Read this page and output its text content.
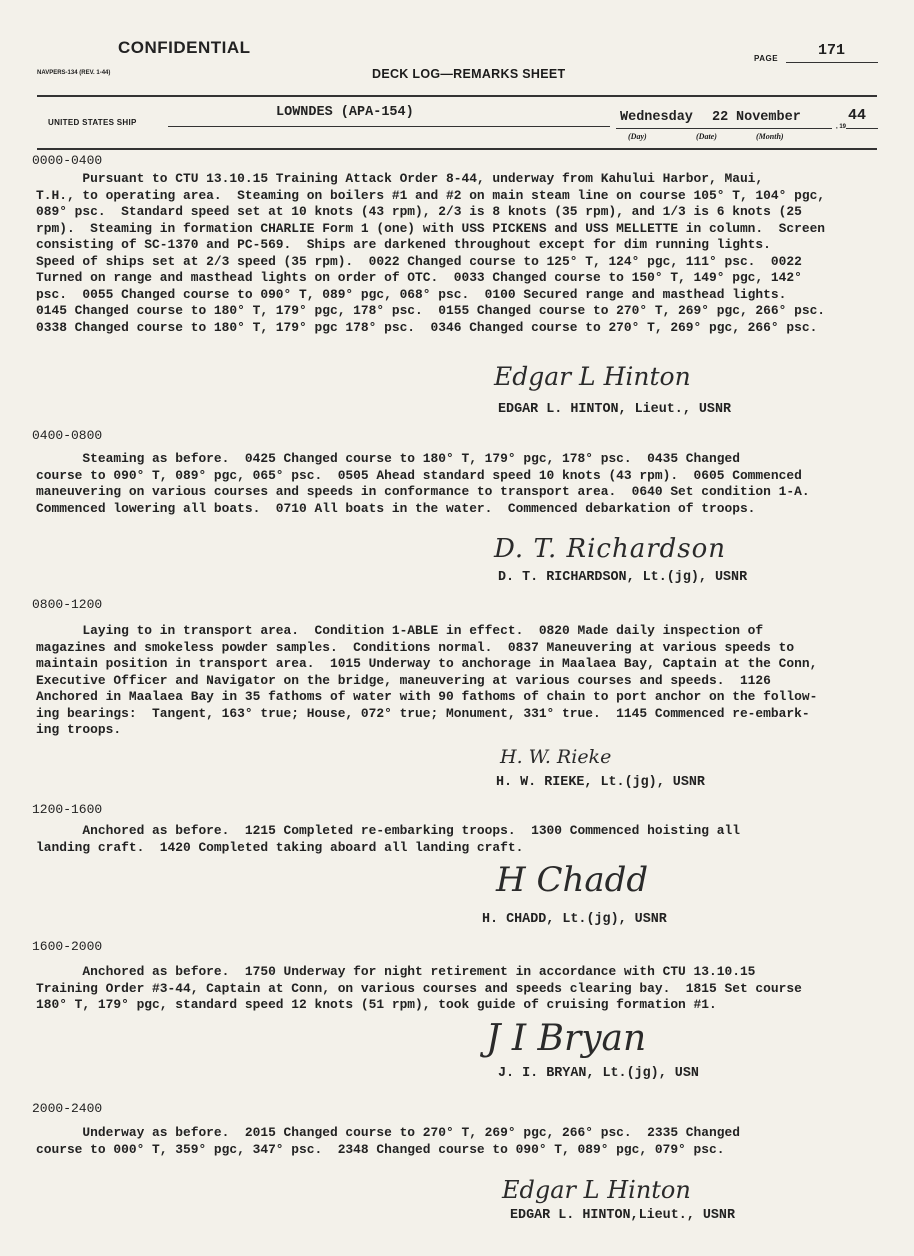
CONFIDENTIAL
PAGE	171
NAVPERS-134 (REV. 1-44)	DECK LOG—REMARKS SHEET
UNITED STATES SHIP
LOWNDES (APA-154)	Wednesday 22 November
, 19
44
(Day)	(Date)	(Month)
0000-0400
Pursuant to CTU 13.10.15 Training Attack Order 8-44, underway from Kahului Harbor, Maui,
T.H., to operating area.  Steaming on boilers #1 and #2 on main steam line on course 105° T, 104° pgc,
089° psc.  Standard speed set at 10 knots (43 rpm), 2/3 is 8 knots (35 rpm), and 1/3 is 6 knots (25
rpm).  Steaming in formation CHARLIE Form 1 (one) with USS PICKENS and USS MELLETTE in column.  Screen
consisting of SC-1370 and PC-569.  Ships are darkened throughout except for dim running lights.
Speed of ships set at 2/3 speed (35 rpm).  0022 Changed course to 125° T, 124° pgc, 111° psc.  0022
Turned on range and masthead lights on order of OTC.  0033 Changed course to 150° T, 149° pgc, 142°
psc.  0055 Changed course to 090° T, 089° pgc, 068° psc.  0100 Secured range and masthead lights.
0145 Changed course to 180° T, 179° pgc, 178° psc.  0155 Changed course to 270° T, 269° pgc, 266° psc.
0338 Changed course to 180° T, 179° pgc 178° psc.  0346 Changed course to 270° T, 269° pgc, 266° psc.
Edgar L Hinton
EDGAR L. HINTON, Lieut., USNR
0400-0800
Steaming as before.  0425 Changed course to 180° T, 179° pgc, 178° psc.  0435 Changed
course to 090° T, 089° pgc, 065° psc.  0505 Ahead standard speed 10 knots (43 rpm).  0605 Commenced
maneuvering on various courses and speeds in conformance to transport area.  0640 Set condition 1-A.
Commenced lowering all boats.  0710 All boats in the water.  Commenced debarkation of troops.
D. T. Richardson
D. T. RICHARDSON, Lt.(jg), USNR
0800-1200
Laying to in transport area.  Condition 1-ABLE in effect.  0820 Made daily inspection of
magazines and smokeless powder samples.  Conditions normal.  0837 Maneuvering at various speeds to
maintain position in transport area.  1015 Underway to anchorage in Maalaea Bay, Captain at the Conn,
Executive Officer and Navigator on the bridge, maneuvering at various courses and speeds.  1126
Anchored in Maalaea Bay in 35 fathoms of water with 90 fathoms of chain to port anchor on the follow-
ing bearings:  Tangent, 163° true; House, 072° true; Monument, 331° true.  1145 Commenced re-embark-
ing troops.
H. W. Rieke
H. W. RIEKE, Lt.(jg), USNR
1200-1600
Anchored as before.  1215 Completed re-embarking troops.  1300 Commenced hoisting all
landing craft.  1420 Completed taking aboard all landing craft.
H Chadd
H. CHADD, Lt.(jg), USNR
1600-2000
Anchored as before.  1750 Underway for night retirement in accordance with CTU 13.10.15
Training Order #3-44, Captain at Conn, on various courses and speeds clearing bay.  1815 Set course
180° T, 179° pgc, standard speed 12 knots (51 rpm), took guide of cruising formation #1.
J I Bryan
J. I. BRYAN, Lt.(jg), USN
2000-2400
Underway as before.  2015 Changed course to 270° T, 269° pgc, 266° psc.  2335 Changed
course to 000° T, 359° pgc, 347° psc.  2348 Changed course to 090° T, 089° pgc, 079° psc.
Edgar L Hinton
EDGAR L. HINTON,Lieut., USNR
